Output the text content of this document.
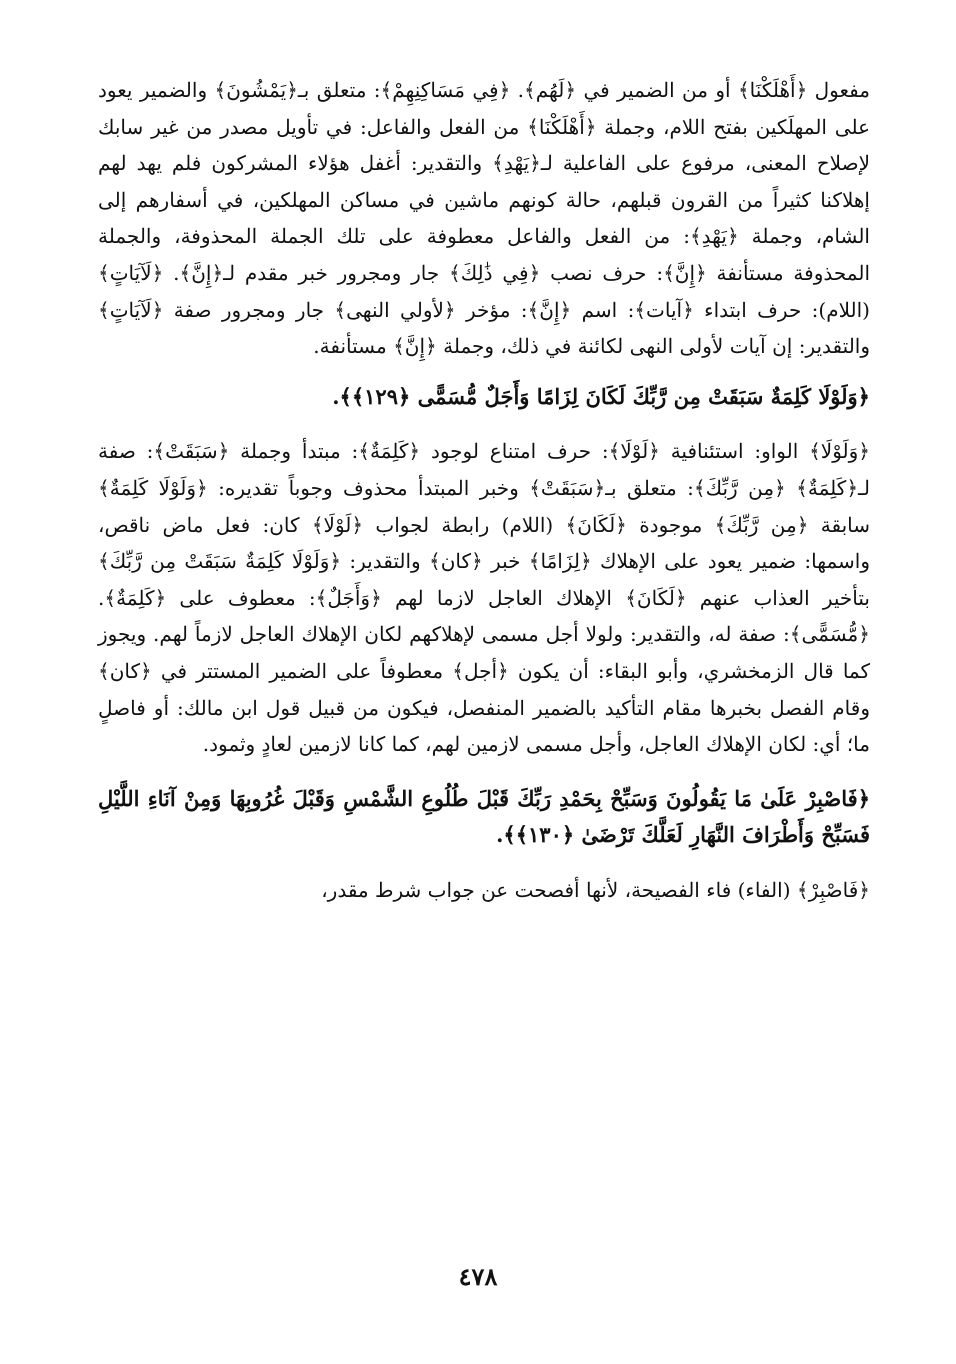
مفعول ﴿أَهْلَكْنَا﴾ أو من الضمير في ﴿لَهُم﴾. ﴿فِي مَسَاكِنِهِمْ﴾: متعلق بـ﴿يَمْشُونَ﴾ والضمير يعود على المهلَكين بفتح اللام، وجملة ﴿أَهْلَكْنَا﴾ من الفعل والفاعل: في تأويل مصدر من غير سابك لإصلاح المعنى، مرفوع على الفاعلية لـ﴿يَهْدِ﴾ والتقدير: أغفل هؤلاء المشركون فلم يهد لهم إهلاكنا كثيراً من القرون قبلهم، حالة كونهم ماشين في مساكن المهلكين، في أسفارهم إلى الشام، وجملة ﴿يَهْدِ﴾: من الفعل والفاعل معطوفة على تلك الجملة المحذوفة، والجملة المحذوفة مستأنفة ﴿إِنَّ﴾: حرف نصب ﴿فِي ذَٰلِكَ﴾ جار ومجرور خبر مقدم لـ﴿إِنَّ﴾. ﴿لَآيَاتٍ﴾ (اللام): حرف ابتداء ﴿آيات﴾: اسم ﴿إِنَّ﴾: مؤخر ﴿لأولي النهى﴾ جار ومجرور صفة ﴿لَآيَاتٍ﴾ والتقدير: إن آيات لأولى النهى لكائنة في ذلك، وجملة ﴿إِنَّ﴾ مستأنفة.

﴿وَلَوْلَا كَلِمَةٌ سَبَقَتْ مِن رَّبِّكَ لَكَانَ لِزَامًا وَأَجَلٌ مُّسَمًّى ﴿١٢٩﴾﴾.

﴿وَلَوْلَا﴾ الواو: استئنافية ﴿لَوْلَا﴾: حرف امتناع لوجود ﴿كَلِمَةٌ﴾: مبتدأ وجملة ﴿سَبَقَتْ﴾: صفة لـ﴿كَلِمَةٌ﴾ ﴿مِن رَّبِّكَ﴾: متعلق بـ﴿سَبَقَتْ﴾ وخبر المبتدأ محذوف وجوباً تقديره: ﴿وَلَوْلَا كَلِمَةٌ﴾ سابقة ﴿مِن رَّبِّكَ﴾ موجودة ﴿لَكَانَ﴾ (اللام) رابطة لجواب ﴿لَوْلَا﴾ كان: فعل ماض ناقص، واسمها: ضمير يعود على الإهلاك ﴿لِزَامًا﴾ خبر ﴿كان﴾ والتقدير: ﴿وَلَوْلَا كَلِمَةٌ سَبَقَتْ مِن رَّبِّكَ﴾ بتأخير العذاب عنهم ﴿لَكَانَ﴾ الإهلاك العاجل لازما لهم ﴿وَأَجَلٌ﴾: معطوف على ﴿كَلِمَةٌ﴾. ﴿مُّسَمًّى﴾: صفة له، والتقدير: ولولا أجل مسمى لإهلاكهم لكان الإهلاك العاجل لازماً لهم. ويجوز كما قال الزمخشري، وأبو البقاء: أن يكون ﴿أجل﴾ معطوفاً على الضمير المستتر في ﴿كان﴾ وقام الفصل بخبرها مقام التأكيد بالضمير المنفصل، فيكون من قبيل قول ابن مالك: أو فاصلٍ ما؛ أي: لكان الإهلاك العاجل، وأجل مسمى لازمين لهم، كما كانا لازمين لعادٍ وثمود.

﴿فَاصْبِرْ عَلَىٰ مَا يَقُولُونَ وَسَبِّحْ بِحَمْدِ رَبِّكَ قَبْلَ طُلُوعِ الشَّمْسِ وَقَبْلَ غُرُوبِهَا وَمِنْ آنَاءِ اللَّيْلِ فَسَبِّحْ وَأَطْرَافَ النَّهَارِ لَعَلَّكَ تَرْضَىٰ ﴿١٣٠﴾﴾.

﴿فَاصْبِرْ﴾ (الفاء) فاء الفصيحة، لأنها أفصحت عن جواب شرط مقدر،

٤٧٨
